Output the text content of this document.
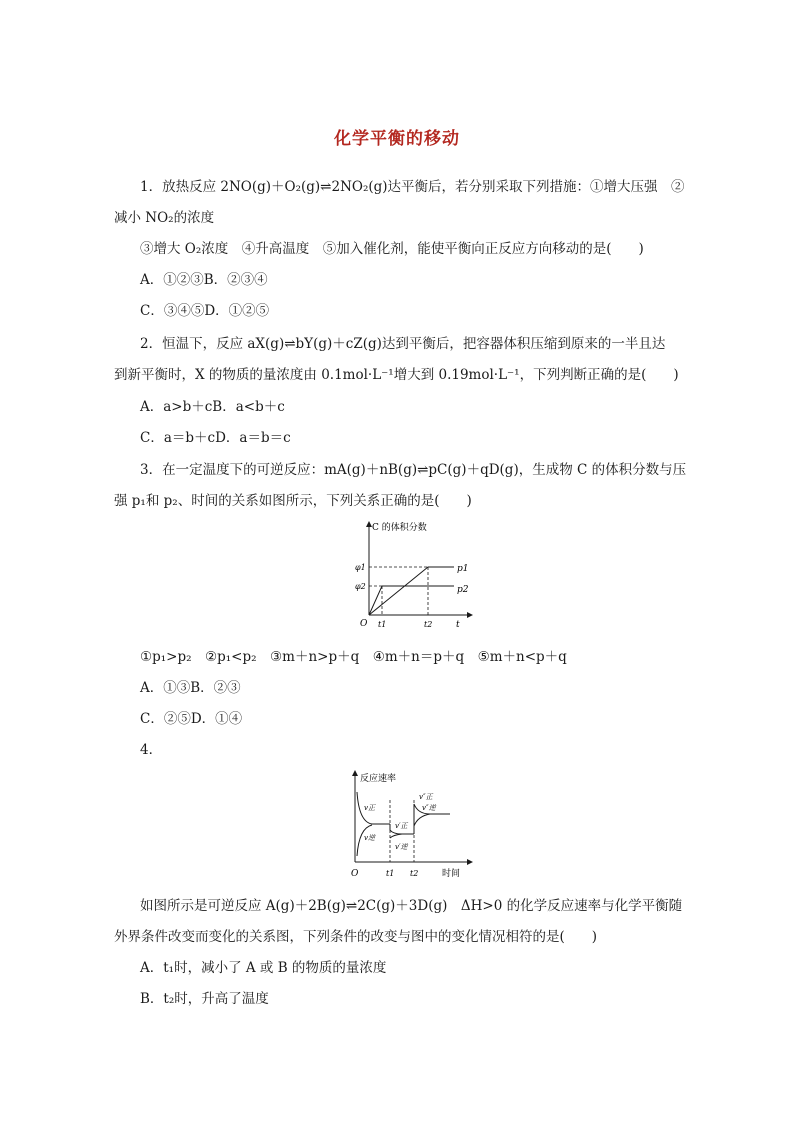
化学平衡的移动
1．放热反应 2NO(g)＋O₂(g)⇌2NO₂(g)达平衡后，若分别采取下列措施：①增大压强　②
减小 NO₂的浓度
③增大 O₂浓度　④升高温度　⑤加入催化剂，能使平衡向正反应方向移动的是(　　)
A．①②③B．②③④
C．③④⑤D．①②⑤
2．恒温下，反应 aX(g)⇌bY(g)＋cZ(g)达到平衡后，把容器体积压缩到原来的一半且达
到新平衡时，X 的物质的量浓度由 0.1mol·L⁻¹增大到 0.19mol·L⁻¹，下列判断正确的是(　　)
A．a>b＋cB．a<b＋c
C．a＝b＋cD．a＝b＝c
3．在一定温度下的可逆反应：mA(g)＋nB(g)⇌pC(g)＋qD(g)，生成物 C 的体积分数与压
强 p₁和 p₂、时间的关系如图所示，下列关系正确的是(　　)
C 的体积分数
φ1
φ2
p1
p2
O t1	t2	t
①p₁>p₂　②p₁<p₂　③m＋n>p＋q　④m＋n＝p＋q　⑤m＋n<p＋q
A．①③B．②③
C．②⑤D．①④
4．
反应速率
v正
v逆
v′正
v′逆
v″正
v″逆
O	t1 t2	时间
如图所示是可逆反应 A(g)＋2B(g)⇌2C(g)＋3D(g)　ΔH>0 的化学反应速率与化学平衡随
外界条件改变而变化的关系图，下列条件的改变与图中的变化情况相符的是(　　)
A．t₁时，减小了 A 或 B 的物质的量浓度
B．t₂时，升高了温度
